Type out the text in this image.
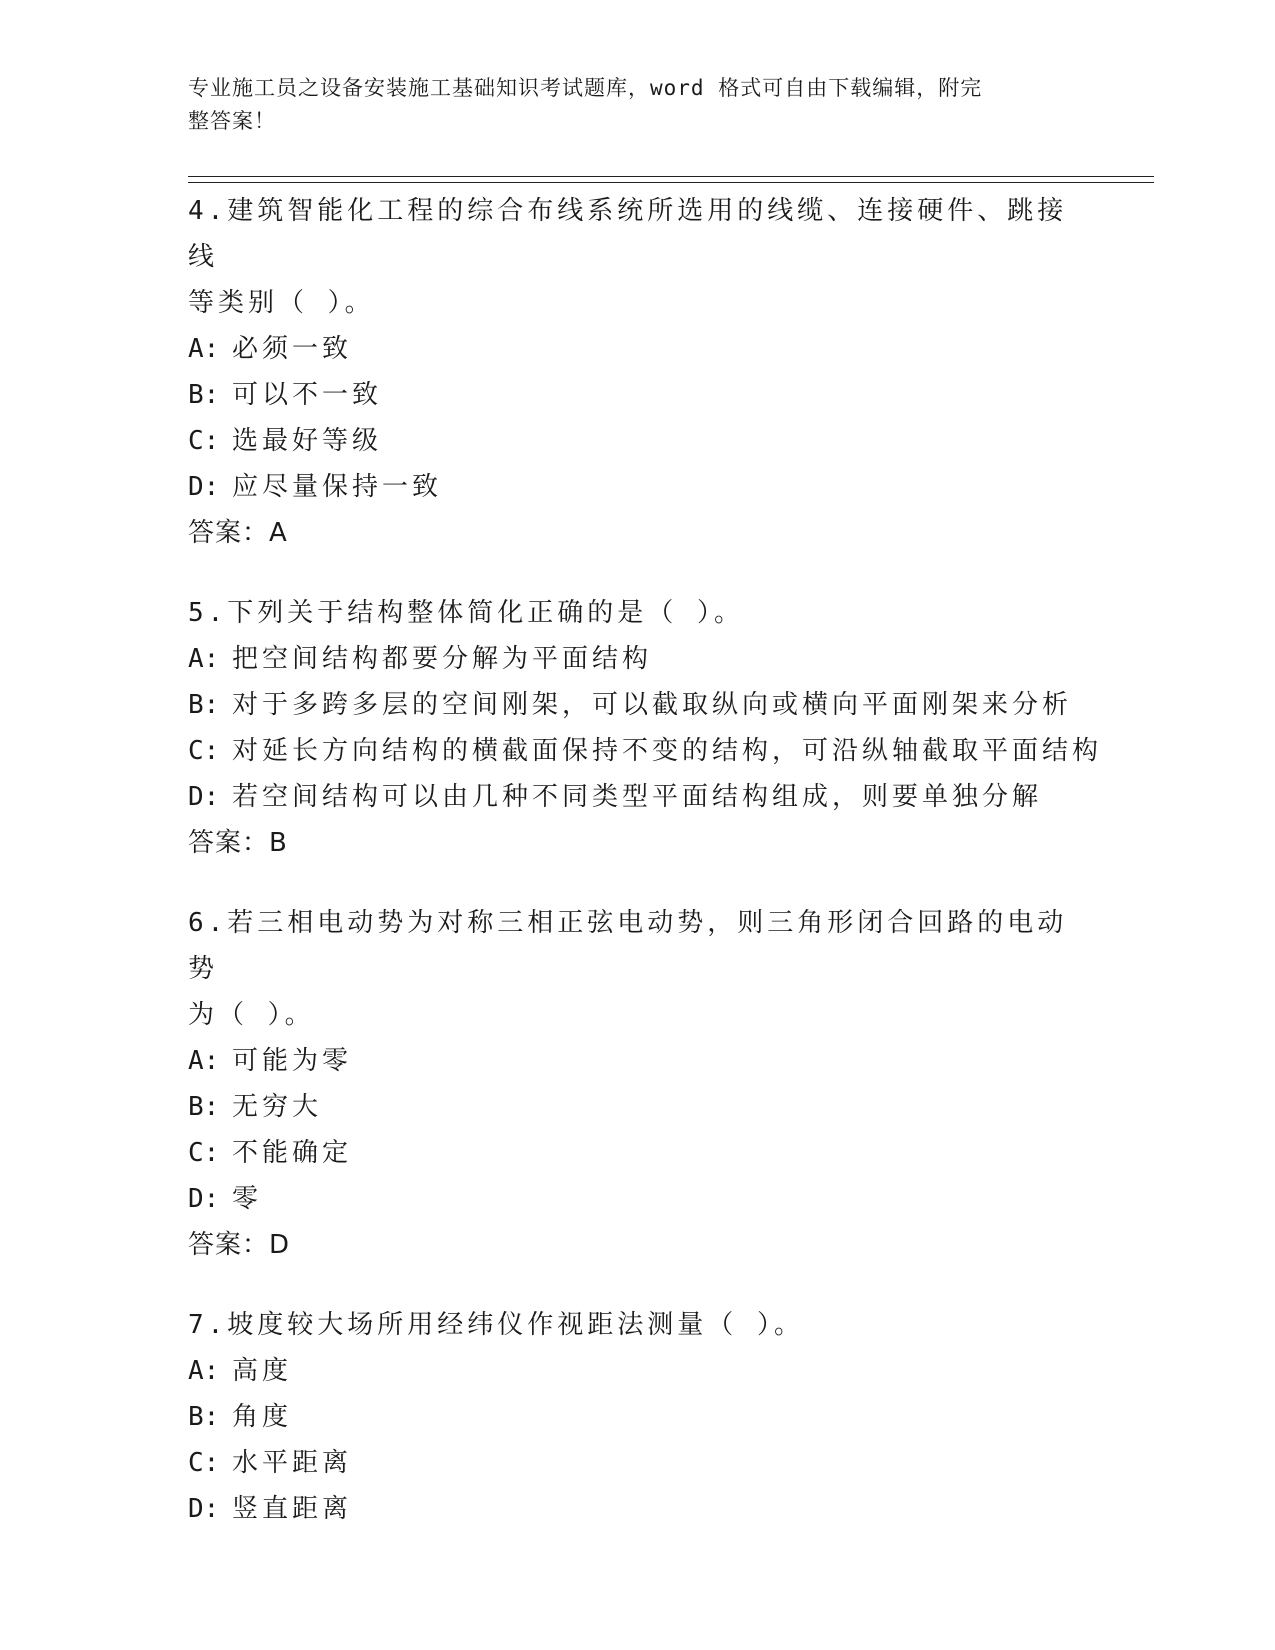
专业施工员之设备安装施工基础知识考试题库，word 格式可自由下载编辑，附完
整答案！

4.建筑智能化工程的综合布线系统所选用的线缆、连接硬件、跳接线

等类别（ ）。

A: 必须一致

B: 可以不一致

C: 选最好等级

D: 应尽量保持一致

答案：A

5.下列关于结构整体简化正确的是（ ）。

A: 把空间结构都要分解为平面结构

B: 对于多跨多层的空间刚架，可以截取纵向或横向平面刚架来分析

C: 对延长方向结构的横截面保持不变的结构，可沿纵轴截取平面结构

D: 若空间结构可以由几种不同类型平面结构组成，则要单独分解

答案：B

6.若三相电动势为对称三相正弦电动势，则三角形闭合回路的电动势

为（ ）。

A: 可能为零

B: 无穷大

C: 不能确定

D: 零

答案：D

7.坡度较大场所用经纬仪作视距法测量（ ）。

A: 高度

B: 角度

C: 水平距离

D: 竖直距离
